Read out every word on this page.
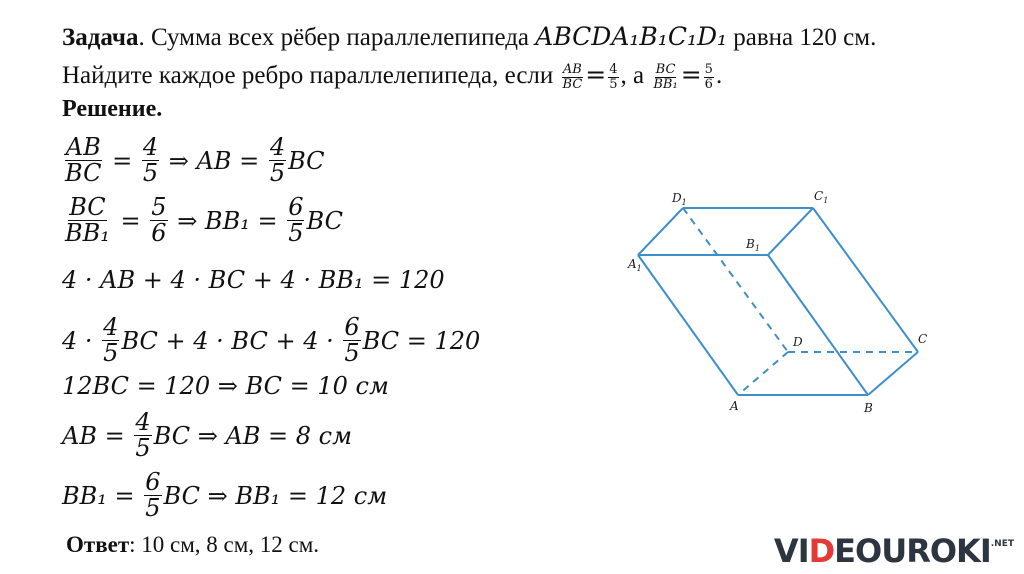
Задача. Сумма всех рёбер параллелепипеда ABCDA₁B₁C₁D₁ равна 120 см.
Найдите каждое ребро параллелепипеда, если $\frac{AB}{BC} = \frac{4}{5}$ , а $\frac{BC}{\text{BB₁}} = \frac{5}{6}$ .
Решение.
$\frac{AB}{BC} = \frac{4}{5}$ ⇒ AB = $\frac{4}{5}$ BC
$\frac{BC}{\text{BB₁}} = \frac{5}{6}$ ⇒ $BB_1 = \frac{6}{5}$ BC
4 · AB + 4 · BC + 4 · BB₁ = 120
$4 \cdot \frac{4}{5}$ BC + 4 · BC + $4 \cdot \frac{6}{5}$ BC = 120
12BC = 120 ⇒ BC = 10 см
AB = $\frac{4}{5}$ BC ⇒ AB = 8 см
$BB_1 = \frac{6}{5}$ BC ⇒ BB₁ = 12 см
Ответ: 10 см, 8 см, 12 см.
$D_1$	$C_1$
$B_1$
$A_1$
D	C
A	B
$VIDEOUROKI^{.NET}$
